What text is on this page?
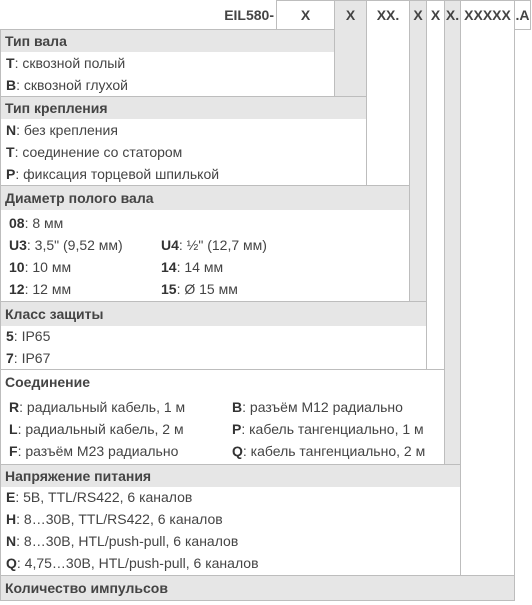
EIL580-	X	X	XX.	X X X. XXXXX .A
Тип вала
T: сквозной полый
B: сквозной глухой
Тип крепления
N: без крепления
T: соединение со статором
P: фиксация торцевой шпилькой
Диаметр полого вала
08: 8 мм
U3: 3,5" (9,52 мм)	U4: ½" (12,7 мм)
10: 10 мм	14: 14 мм
12: 12 мм	15: Ø 15 мм
Класс защиты
5: IP65
7: IP67
Соединение
R: радиальный кабель, 1 м	B: разъём M12 радиально
L: радиальный кабель, 2 м	P: кабель тангенциально, 1 м
F: разъём M23 радиально	Q: кабель тангенциально, 2 м
Напряжение питания
E: 5В, TTL/RS422, 6 каналов
H: 8…30В, TTL/RS422, 6 каналов
N: 8…30В, HTL/push-pull, 6 каналов
Q: 4,75…30В, HTL/push-pull, 6 каналов
Количество импульсов
